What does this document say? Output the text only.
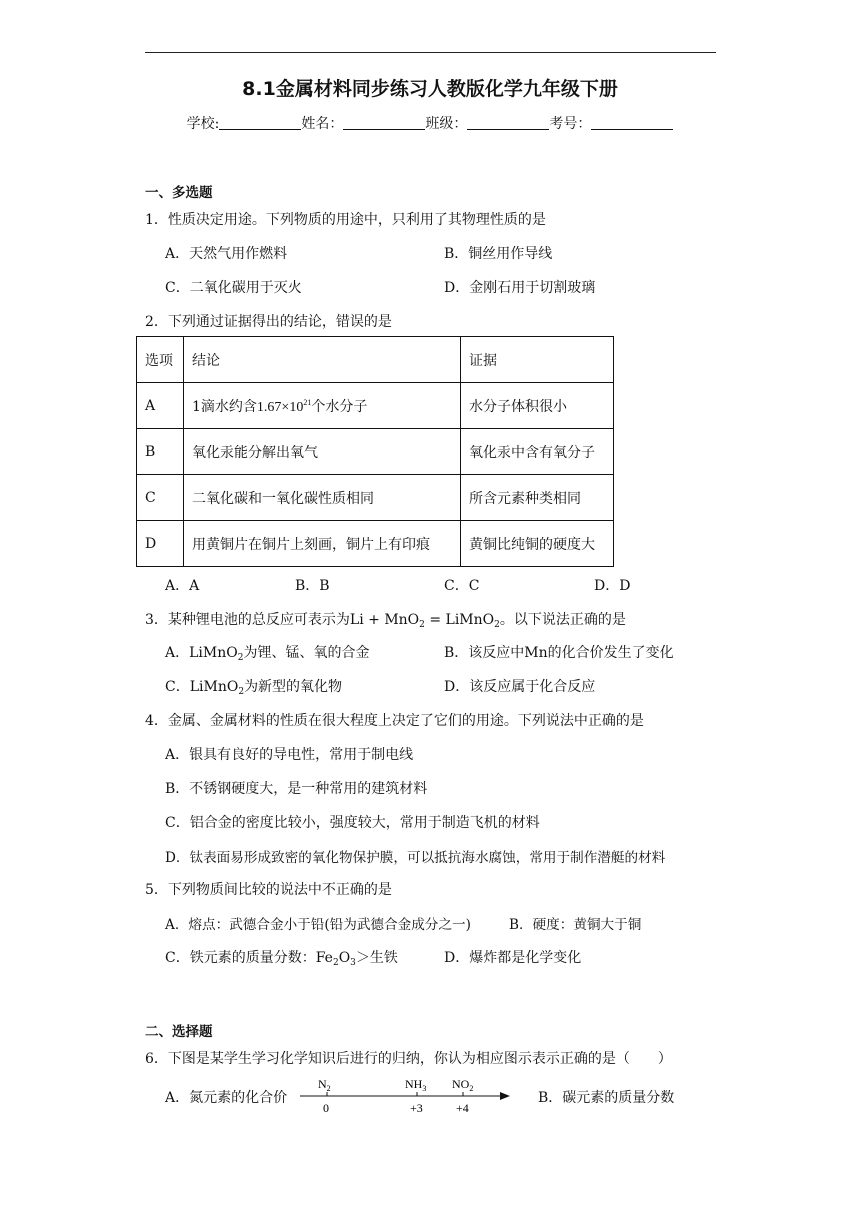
8.1金属材料同步练习人教版化学九年级下册
学校:	姓名：	班级：	考号：
一、多选题
1．性质决定用途。下列物质的用途中，只利用了其物理性质的是
A．天然气用作燃料	B．铜丝用作导线
C．二氧化碳用于灭火	D．金刚石用于切割玻璃
2．下列通过证据得出的结论，错误的是
选项	结论	证据
A	1滴水约含$1.67\times 10^{21}$个水分子	水分子体积很小
B	氧化汞能分解出氧气	氧化汞中含有氧分子
C	二氧化碳和一氧化碳性质相同	所含元素种类相同
D	用黄铜片在铜片上刻画，铜片上有印痕	黄铜比纯铜的硬度大
A．A	B．B	C．C	D．D
3．某种锂电池的总反应可表示为Li + MnO$_2$ = LiMnO$_2$。以下说法正确的是
A．LiMnO$_2$为锂、锰、氧的合金	B．该反应中Mn的化合价发生了变化
C．LiMnO$_2$为新型的氧化物	D．该反应属于化合反应
4．金属、金属材料的性质在很大程度上决定了它们的用途。下列说法中正确的是
A．银具有良好的导电性，常用于制电线
B．不锈钢硬度大，是一种常用的建筑材料
C．铝合金的密度比较小，强度较大，常用于制造飞机的材料
D．钛表面易形成致密的氧化物保护膜，可以抵抗海水腐蚀，常用于制作潜艇的材料
5．下列物质间比较的说法中不正确的是
A．熔点：武德合金小于铅(铅为武德合金成分之一)	B．硬度：黄铜大于铜
C．铁元素的质量分数：$Fe_2O_3>$生铁	D．爆炸都是化学变化
二、选择题
6．下图是某学生学习化学知识后进行的归纳，你认为相应图示表示正确的是（　　）
A．氮元素的化合价
$N_2$	$NH_3$ $NO_2$
0	+3	+4
B．碳元素的质量分数
